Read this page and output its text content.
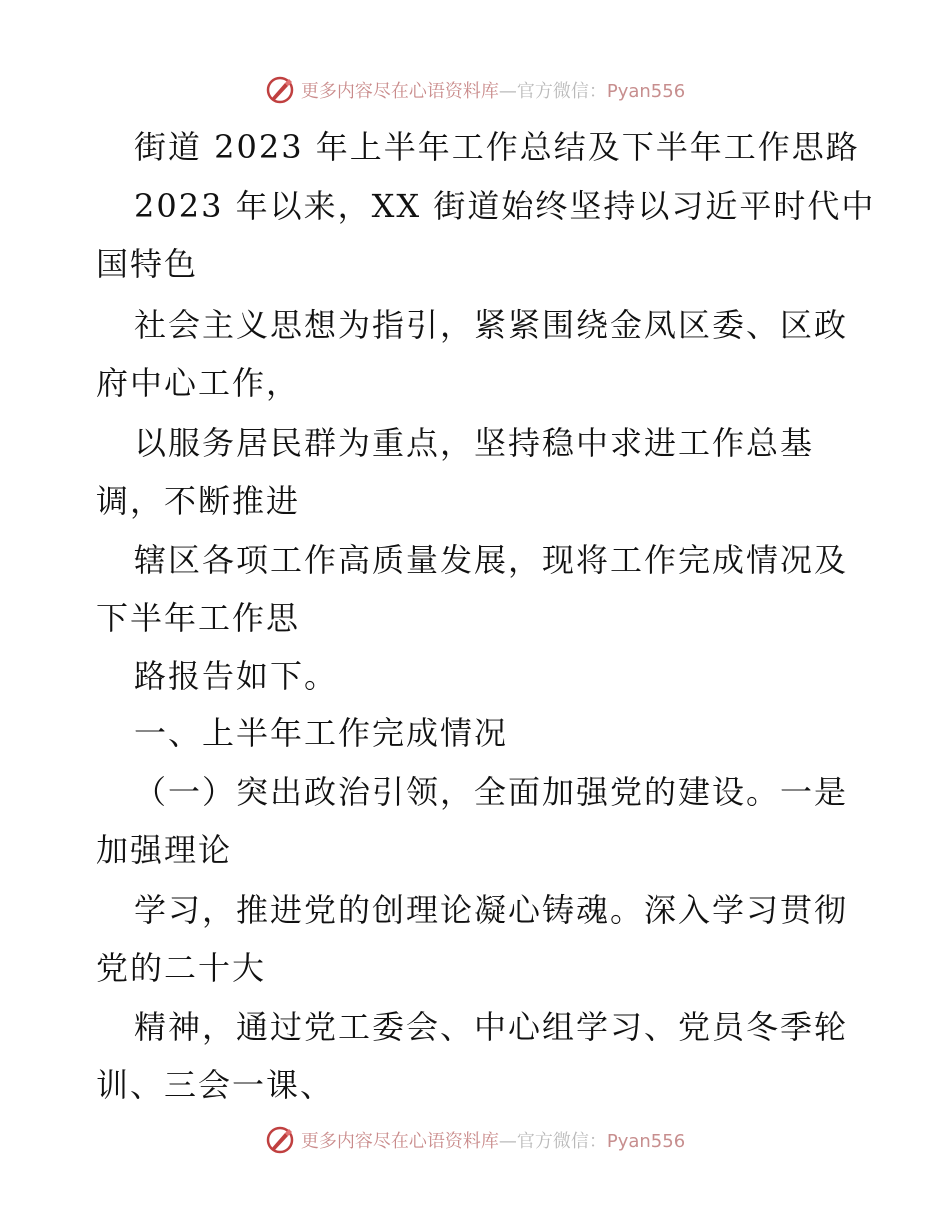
更多内容尽在心语资料库—官方微信：Pyan556
街道 2023 年上半年工作总结及下半年工作思路
2023 年以来，XX 街道始终坚持以习近平时代中
国特色
社会主义思想为指引，紧紧围绕金凤区委、区政
府中心工作，
以服务居民群为重点，坚持稳中求进工作总基
调，不断推进
辖区各项工作高质量发展，现将工作完成情况及
下半年工作思
路报告如下。
一、上半年工作完成情况
（一）突出政治引领，全面加强党的建设。一是
加强理论
学习，推进党的创理论凝心铸魂。深入学习贯彻
党的二十大
精神，通过党工委会、中心组学习、党员冬季轮
训、三会一课、
更多内容尽在心语资料库—官方微信：Pyan556
